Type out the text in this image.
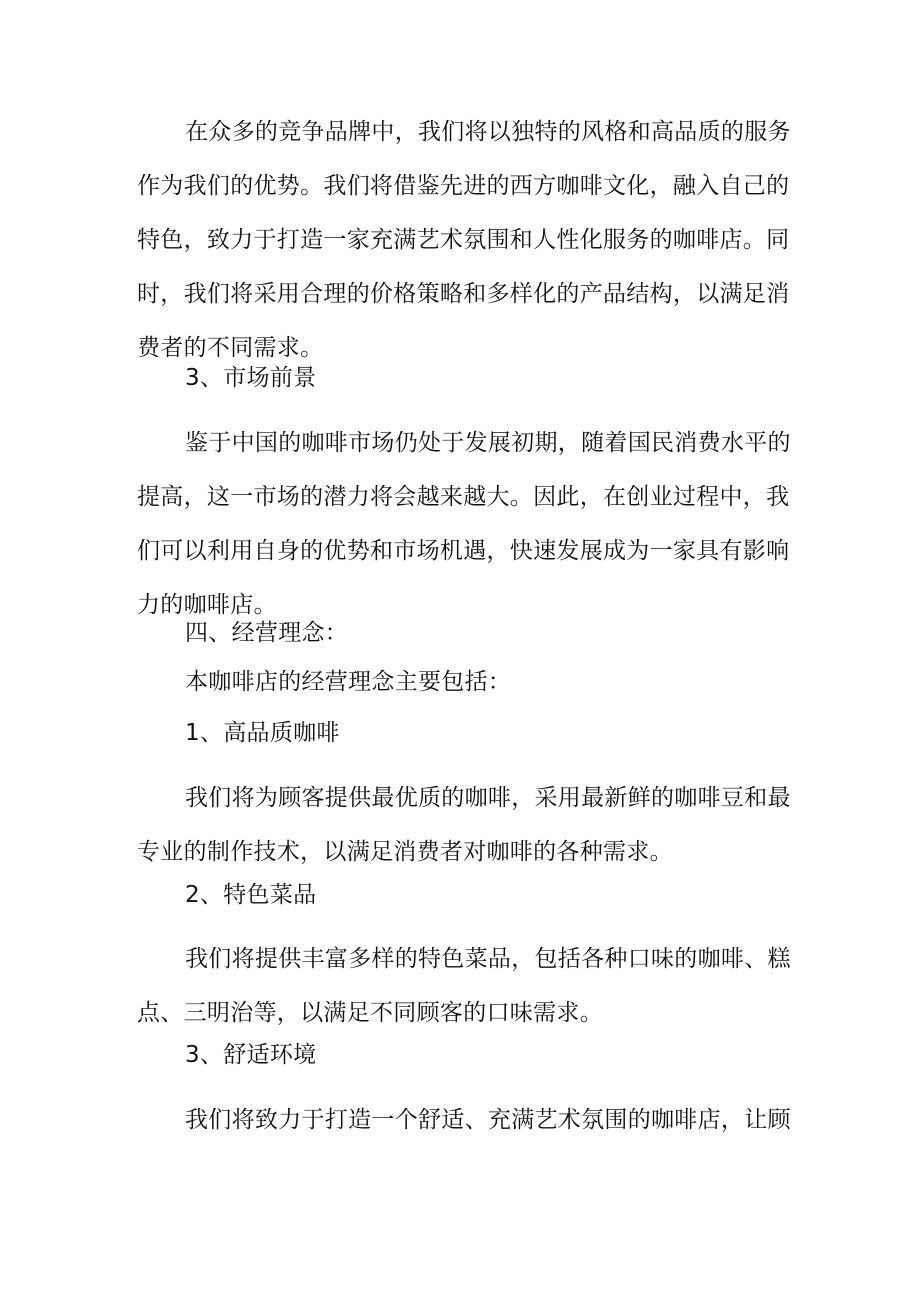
在众多的竞争品牌中，我们将以独特的风格和高品质的服务
作为我们的优势。我们将借鉴先进的西方咖啡文化，融入自己的
特色，致力于打造一家充满艺术氛围和人性化服务的咖啡店。同
时，我们将采用合理的价格策略和多样化的产品结构，以满足消
费者的不同需求。
3、市场前景
鉴于中国的咖啡市场仍处于发展初期，随着国民消费水平的
提高，这一市场的潜力将会越来越大。因此，在创业过程中，我
们可以利用自身的优势和市场机遇，快速发展成为一家具有影响
力的咖啡店。
四、经营理念：
本咖啡店的经营理念主要包括：
1、高品质咖啡
我们将为顾客提供最优质的咖啡，采用最新鲜的咖啡豆和最
专业的制作技术，以满足消费者对咖啡的各种需求。
2、特色菜品
我们将提供丰富多样的特色菜品，包括各种口味的咖啡、糕
点、三明治等，以满足不同顾客的口味需求。
3、舒适环境
我们将致力于打造一个舒适、充满艺术氛围的咖啡店，让顾
